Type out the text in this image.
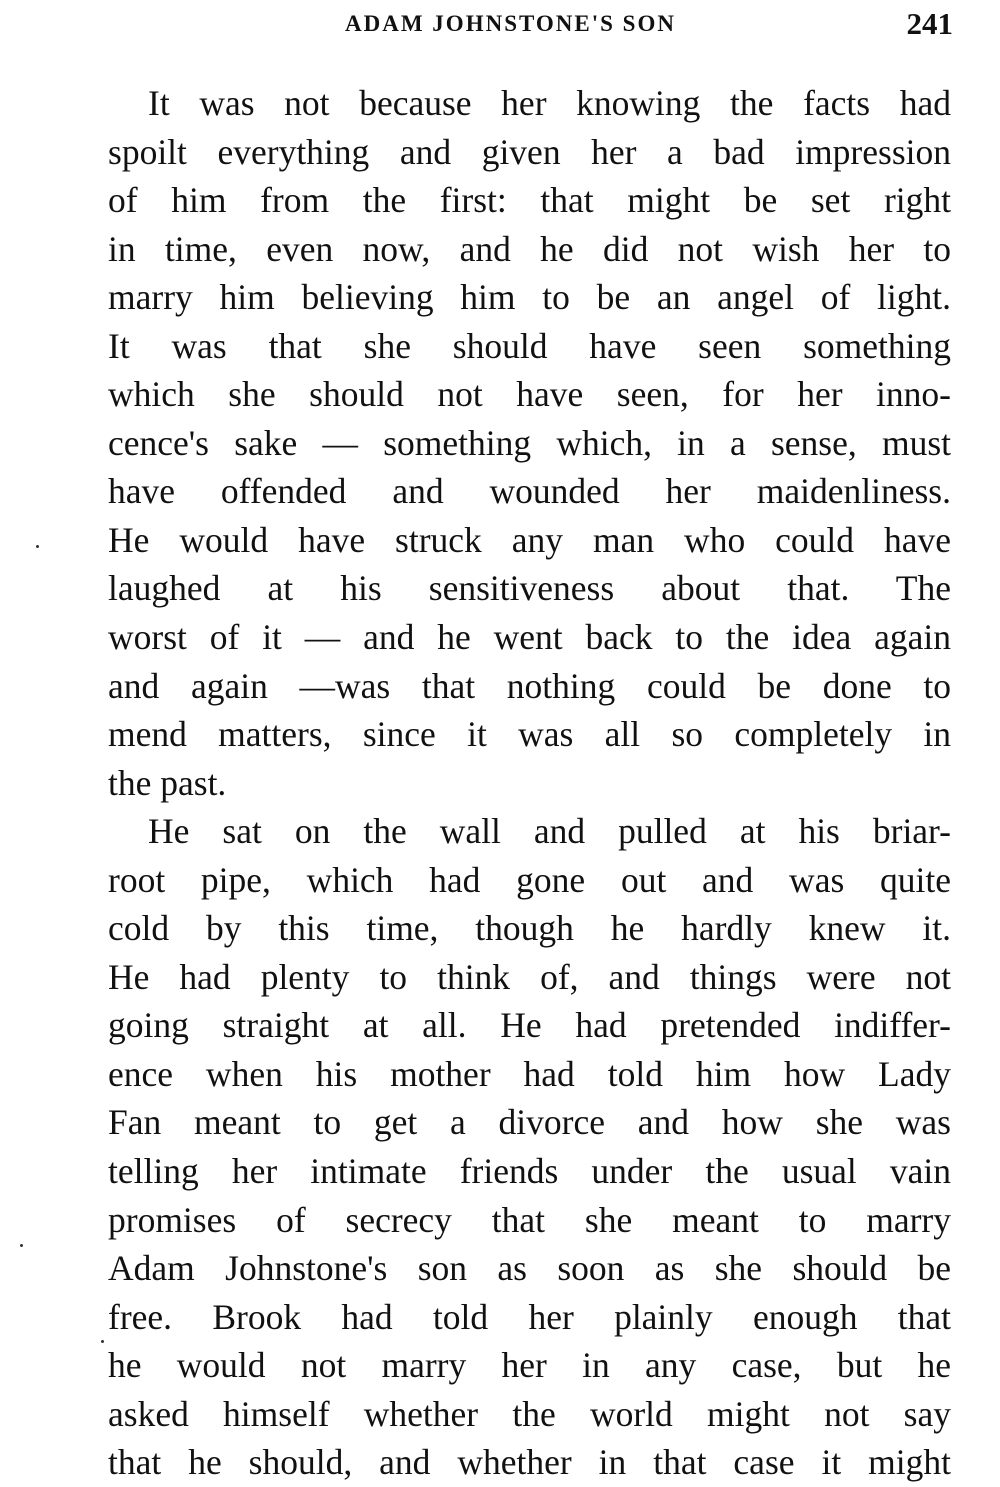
ADAM JOHNSTONE'S SON	241
It was not because her knowing the facts had
spoilt everything and given her a bad impression
of him from the first: that might be set right
in time, even now, and he did not wish her to
marry him believing him to be an angel of light.
It was that she should have seen something
which she should not have seen, for her inno-
cence's sake — something which, in a sense, must
have offended and wounded her maidenliness.
He would have struck any man who could have
laughed at his sensitiveness about that. The
worst of it — and he went back to the idea again
and again —was that nothing could be done to
mend matters, since it was all so completely in
the past.
He sat on the wall and pulled at his briar-
root pipe, which had gone out and was quite
cold by this time, though he hardly knew it.
He had plenty to think of, and things were not
going straight at all. He had pretended indiffer-
ence when his mother had told him how Lady
Fan meant to get a divorce and how she was
telling her intimate friends under the usual vain
promises of secrecy that she meant to marry
Adam Johnstone's son as soon as she should be
free. Brook had told her plainly enough that
he would not marry her in any case, but he
asked himself whether the world might not say
that he should, and whether in that case it might
